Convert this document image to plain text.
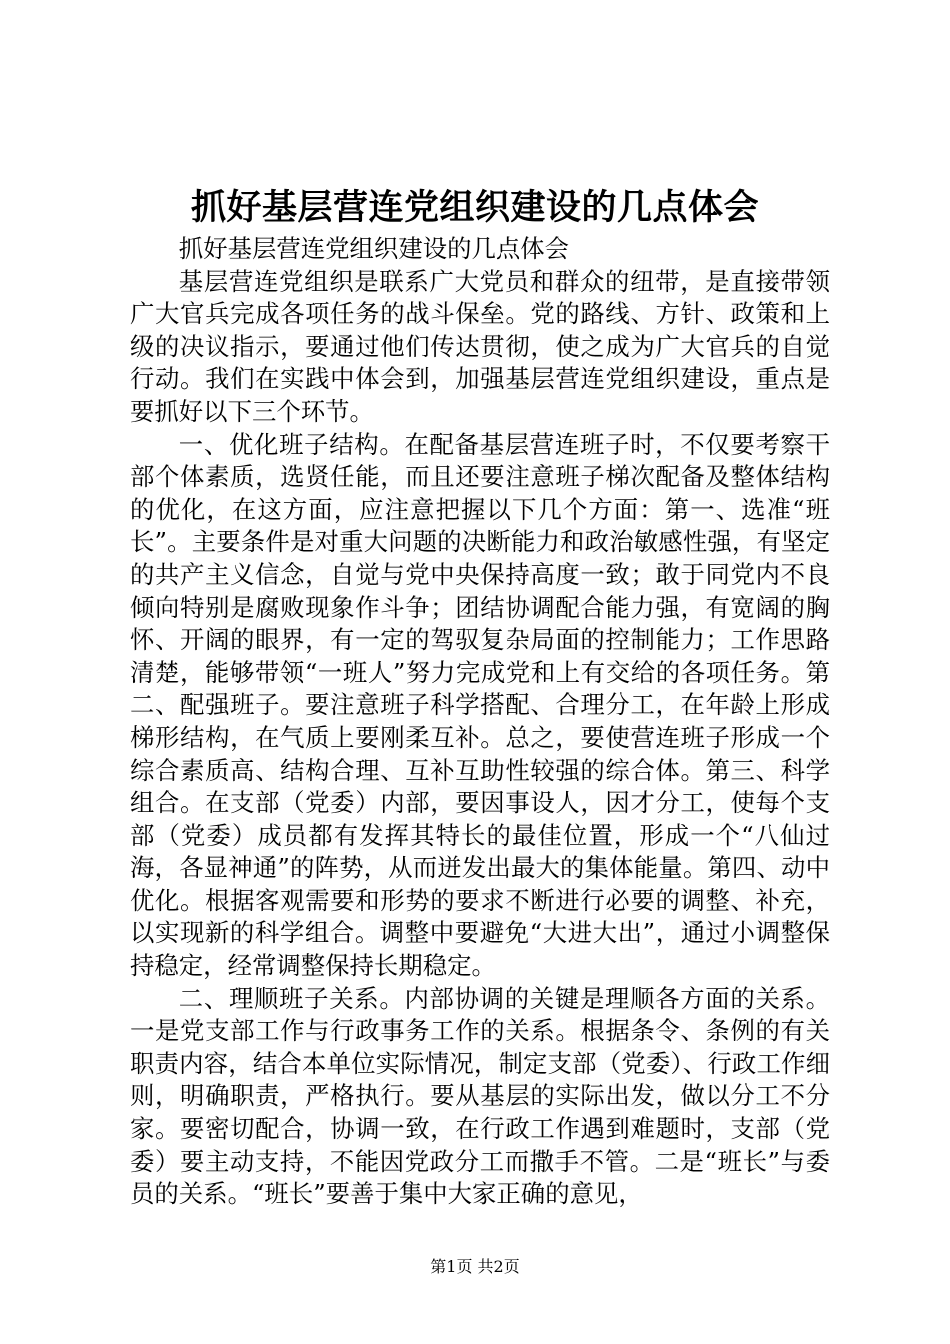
抓好基层营连党组织建设的几点体会

抓好基层营连党组织建设的几点体会

基层营连党组织是联系广大党员和群众的纽带，是直接带领广大官兵完成各项任务的战斗保垒。党的路线、方针、政策和上级的决议指示，要通过他们传达贯彻，使之成为广大官兵的自觉行动。我们在实践中体会到，加强基层营连党组织建设，重点是要抓好以下三个环节。

一、优化班子结构。在配备基层营连班子时，不仅要考察干部个体素质，选贤任能，而且还要注意班子梯次配备及整体结构的优化，在这方面，应注意把握以下几个方面：第一、选准“班长”。主要条件是对重大问题的决断能力和政治敏感性强，有坚定的共产主义信念，自觉与党中央保持高度一致；敢于同党内不良倾向特别是腐败现象作斗争；团结协调配合能力强，有宽阔的胸怀、开阔的眼界，有一定的驾驭复杂局面的控制能力；工作思路清楚，能够带领“一班人”努力完成党和上有交给的各项任务。第二、配强班子。要注意班子科学搭配、合理分工，在年龄上形成梯形结构，在气质上要刚柔互补。总之，要使营连班子形成一个综合素质高、结构合理、互补互助性较强的综合体。第三、科学组合。在支部（党委）内部，要因事设人，因才分工，使每个支部（党委）成员都有发挥其特长的最佳位置，形成一个“八仙过海，各显神通”的阵势，从而迸发出最大的集体能量。第四、动中优化。根据客观需要和形势的要求不断进行必要的调整、补充，以实现新的科学组合。调整中要避免“大进大出”，通过小调整保持稳定，经常调整保持长期稳定。

二、理顺班子关系。内部协调的关键是理顺各方面的关系。一是党支部工作与行政事务工作的关系。根据条令、条例的有关职责内容，结合本单位实际情况，制定支部（党委）、行政工作细则，明确职责，严格执行。要从基层的实际出发，做以分工不分家。要密切配合，协调一致，在行政工作遇到难题时，支部（党委）要主动支持，不能因党政分工而撒手不管。二是“班长”与委员的关系。“班长”要善于集中大家正确的意见，

第1页 共2页
